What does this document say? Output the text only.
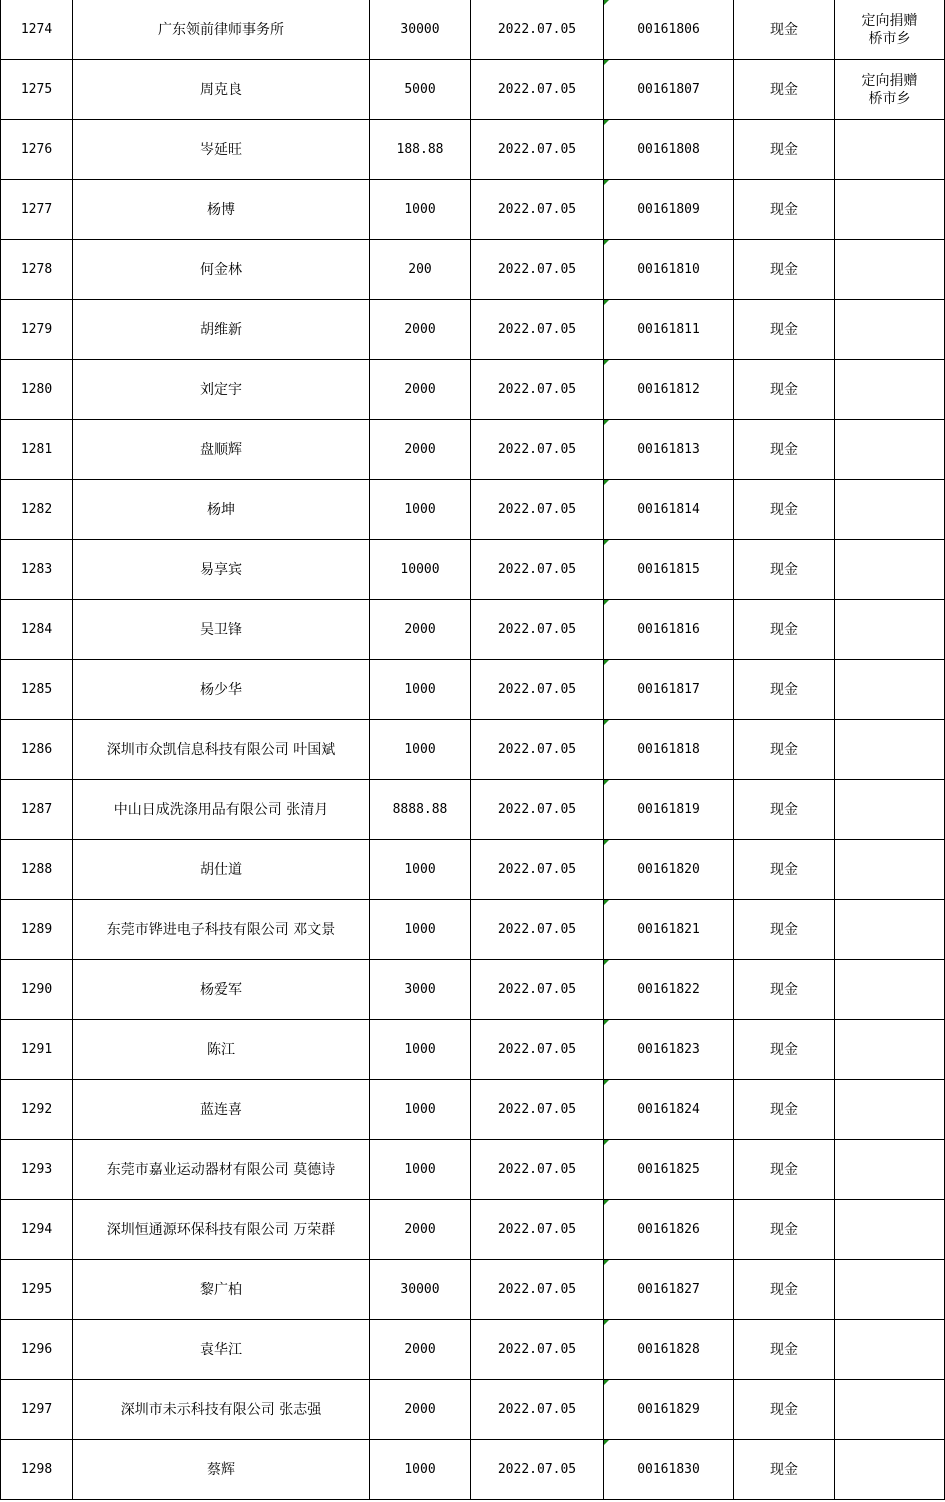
1274	广东领前律师事务所	30000	2022.07.05	00161806	现金	定向捐赠
桥市乡

1275	周克良	5000	2022.07.05	00161807	现金	定向捐赠
桥市乡

1276	岑延旺	188.88	2022.07.05	00161808	现金	

1277	杨博	1000	2022.07.05	00161809	现金	

1278	何金林	200	2022.07.05	00161810	现金	

1279	胡维新	2000	2022.07.05	00161811	现金	

1280	刘定宇	2000	2022.07.05	00161812	现金	

1281	盘顺辉	2000	2022.07.05	00161813	现金	

1282	杨坤	1000	2022.07.05	00161814	现金	

1283	易享宾	10000	2022.07.05	00161815	现金	

1284	吴卫锋	2000	2022.07.05	00161816	现金	

1285	杨少华	1000	2022.07.05	00161817	现金	

1286	深圳市众凯信息科技有限公司 叶国斌	1000	2022.07.05	00161818	现金	

1287	中山日成洗涤用品有限公司 张清月	8888.88	2022.07.05	00161819	现金	

1288	胡仕道	1000	2022.07.05	00161820	现金	

1289	东莞市铧进电子科技有限公司 邓文景	1000	2022.07.05	00161821	现金	

1290	杨爱军	3000	2022.07.05	00161822	现金	

1291	陈江	1000	2022.07.05	00161823	现金	

1292	蓝连喜	1000	2022.07.05	00161824	现金	

1293	东莞市嘉业运动器材有限公司 莫德诗	1000	2022.07.05	00161825	现金	

1294	深圳恒通源环保科技有限公司 万荣群	2000	2022.07.05	00161826	现金	

1295	黎广柏	30000	2022.07.05	00161827	现金	

1296	袁华江	2000	2022.07.05	00161828	现金	

1297	深圳市未示科技有限公司 张志强	2000	2022.07.05	00161829	现金	

1298	蔡辉	1000	2022.07.05	00161830	现金	
